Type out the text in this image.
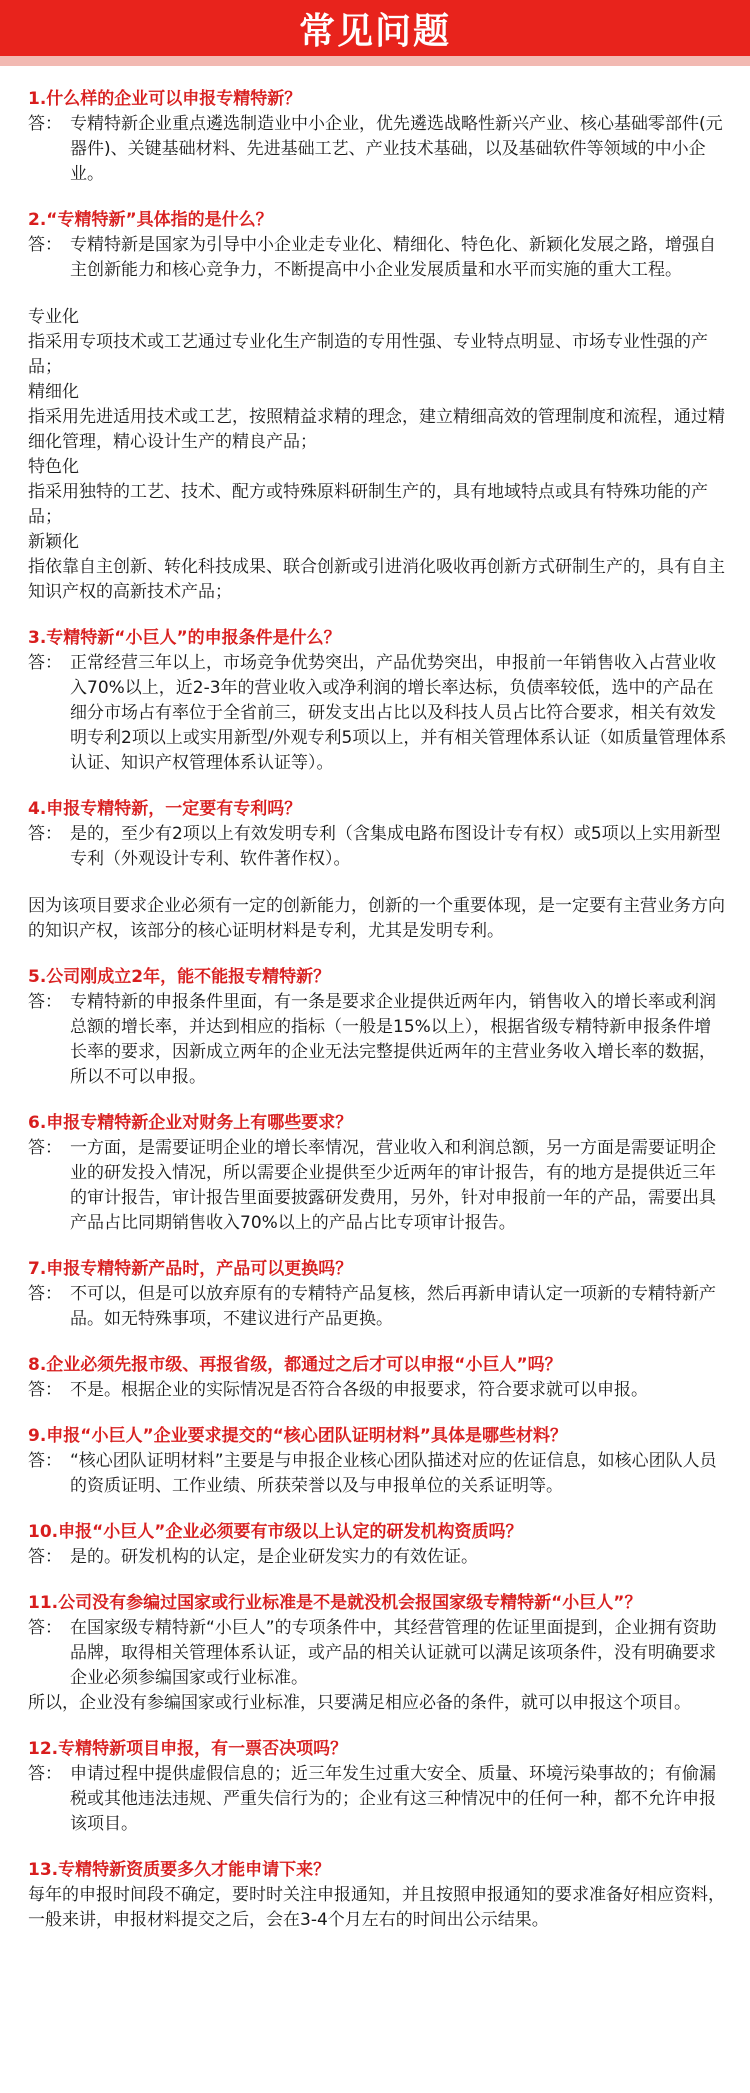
常见问题
1.什么样的企业可以申报专精特新？
答： 专精特新企业重点遴选制造业中小企业，优先遴选战略性新兴产业、核心基础零部件(元器件)、关键基础材料、先进基础工艺、产业技术基础，以及基础软件等领域的中小企业。

2.“专精特新”具体指的是什么？
答： 专精特新是国家为引导中小企业走专业化、精细化、特色化、新颖化发展之路，增强自主创新能力和核心竞争力，不断提高中小企业发展质量和水平而实施的重大工程。

专业化

指采用专项技术或工艺通过专业化生产制造的专用性强、专业特点明显、市场专业性强的产品；

精细化

指采用先进适用技术或工艺，按照精益求精的理念，建立精细高效的管理制度和流程，通过精细化管理，精心设计生产的精良产品；

特色化

指采用独特的工艺、技术、配方或特殊原料研制生产的，具有地域特点或具有特殊功能的产品；

新颖化

指依靠自主创新、转化科技成果、联合创新或引进消化吸收再创新方式研制生产的，具有自主知识产权的高新技术产品；

3.专精特新“小巨人”的申报条件是什么？
答： 正常经营三年以上，市场竞争优势突出，产品优势突出，申报前一年销售收入占营业收入70%以上，近2-3年的营业收入或净利润的增长率达标，负债率较低，选中的产品在细分市场占有率位于全省前三，研发支出占比以及科技人员占比符合要求，相关有效发明专利2项以上或实用新型/外观专利5项以上，并有相关管理体系认证（如质量管理体系认证、知识产权管理体系认证等）。

4.申报专精特新，一定要有专利吗？
答： 是的，至少有2项以上有效发明专利（含集成电路布图设计专有权）或5项以上实用新型专利（外观设计专利、软件著作权）。

因为该项目要求企业必须有一定的创新能力，创新的一个重要体现，是一定要有主营业务方向的知识产权，该部分的核心证明材料是专利，尤其是发明专利。

5.公司刚成立2年，能不能报专精特新？
答： 专精特新的申报条件里面，有一条是要求企业提供近两年内，销售收入的增长率或利润总额的增长率，并达到相应的指标（一般是15%以上），根据省级专精特新申报条件增长率的要求，因新成立两年的企业无法完整提供近两年的主营业务收入增长率的数据，所以不可以申报。

6.申报专精特新企业对财务上有哪些要求？
答： 一方面，是需要证明企业的增长率情况，营业收入和利润总额，另一方面是需要证明企业的研发投入情况，所以需要企业提供至少近两年的审计报告，有的地方是提供近三年的审计报告，审计报告里面要披露研发费用，另外，针对申报前一年的产品，需要出具产品占比同期销售收入70%以上的产品占比专项审计报告。

7.申报专精特新产品时，产品可以更换吗？
答： 不可以，但是可以放弃原有的专精特产品复核，然后再新申请认定一项新的专精特新产品。如无特殊事项，不建议进行产品更换。

8.企业必须先报市级、再报省级，都通过之后才可以申报“小巨人”吗？
答： 不是。根据企业的实际情况是否符合各级的申报要求，符合要求就可以申报。

9.申报“小巨人”企业要求提交的“核心团队证明材料”具体是哪些材料？
答： “核心团队证明材料”主要是与申报企业核心团队描述对应的佐证信息，如核心团队人员的资质证明、工作业绩、所获荣誉以及与申报单位的关系证明等。

10.申报“小巨人”企业必须要有市级以上认定的研发机构资质吗？
答： 是的。研发机构的认定，是企业研发实力的有效佐证。

11.公司没有参编过国家或行业标准是不是就没机会报国家级专精特新“小巨人”？
答： 在国家级专精特新“小巨人”的专项条件中，其经营管理的佐证里面提到，企业拥有资助品牌，取得相关管理体系认证，或产品的相关认证就可以满足该项条件，没有明确要求企业必须参编国家或行业标准。

所以，企业没有参编国家或行业标准，只要满足相应必备的条件，就可以申报这个项目。

12.专精特新项目申报，有一票否决项吗？
答： 申请过程中提供虚假信息的；近三年发生过重大安全、质量、环境污染事故的；有偷漏税或其他违法违规、严重失信行为的；企业有这三种情况中的任何一种，都不允许申报该项目。

13.专精特新资质要多久才能申请下来？

每年的申报时间段不确定，要时时关注申报通知，并且按照申报通知的要求准备好相应资料，一般来讲，申报材料提交之后，会在3-4个月左右的时间出公示结果。
